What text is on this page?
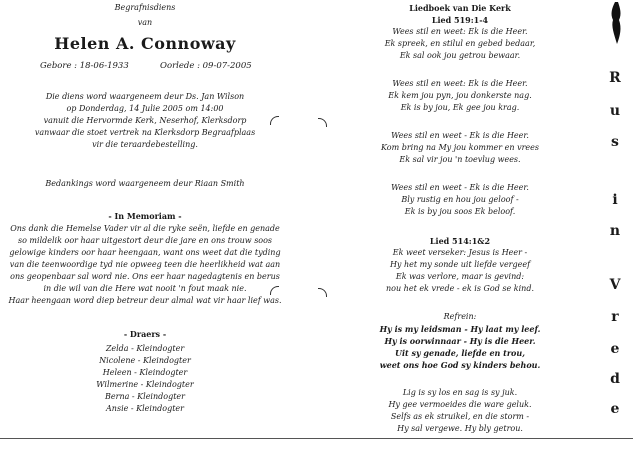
Begrafnisdiens
van
Helen A. Connoway
Gebore : 18-06-1933	Oorlede : 09-07-2005
Die diens word waargeneem deur Ds. Jan Wilson
op Donderdag, 14 Julie 2005 om 14:00
vanuit die Hervormde Kerk, Neserhof, Klerksdorp
vanwaar die stoet vertrek na Klerksdorp Begraafplaas
vir die teraardebestelling.
Bedankings word waargeneem deur Riaan Smith
- In Memoriam -
Ons dank die Hemelse Vader vir al die ryke seën, liefde en genade
so mildelik oor haar uitgestort deur die jare en ons trouw soos
gelowige kinders oor haar heengaan, want ons weet dat die tyding
van die teenwoordige tyd nie opweeg teen die heerlikheid wat aan
ons geopenbaar sal word nie. Ons eer haar nagedagtenis en berus
in die wil van die Here wat nooit 'n fout maak nie.
Haar heengaan word diep betreur deur almal wat vir haar lief was.
- Draers -
Zelda - Kleindogter
Nicolene - Kleindogter
Heleen - Kleindogter
Wilmerine - Kleindogter
Berna - Kleindogter
Ansie - Kleindogter
Liedboek van Die Kerk
Lied 519:1-4
Wees stil en weet: Ek is die Heer.
Ek spreek, en stilul en gebed bedaar,
Ek sal ook jou getrou bewaar.
Wees stil en weet: Ek is die Heer.
Ek kem jou pyn, jou donkerste nag.
Ek is by jou, Ek gee jou krag.
Wees stil en weet - Ek is die Heer.
Kom bring na My jou kommer en vrees
Ek sal vir jou 'n toevlug wees.
Wees stil en weet - Ek is die Heer.
Bly rustig en hou jou geloof -
Ek is by jou soos Ek beloof.
Lied 514:1&2
Ek weet verseker: Jesus is Heer -
Hy het my sonde uit liefde vergeef
Ek was verlore, maar is gevind:
nou het ek vrede - ek is God se kind.
Refrein:
Hy is my leidsman - Hy laat my leef.
Hy is oorwinnaar - Hy is die Heer.
Uit sy genade, liefde en trou,
weet ons hoe God sy kinders behou.
Lig is sy los en sag is sy juk.
Hy gee vermoeides die ware geluk.
Selfs as ek struikel, en die storm -
Hy sal vergewe. Hy bly getrou.
R
u
s
i
n
V
r
e
d
e
